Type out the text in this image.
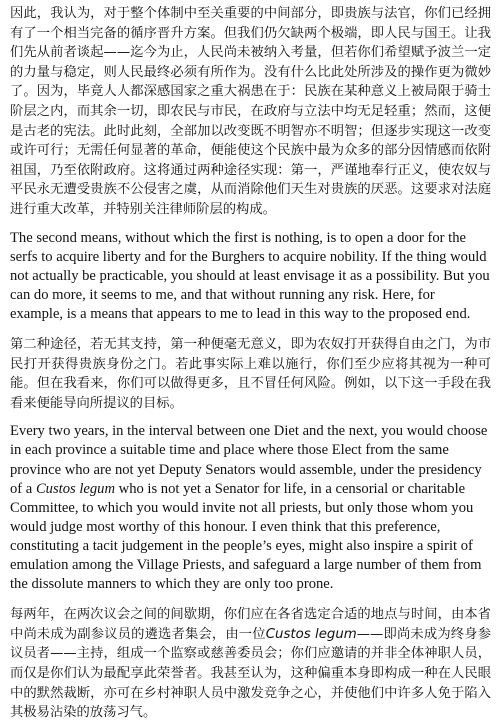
因此，我认为，对于整个体制中至关重要的中间部分，即贵族与法官，你们已经拥有了一个相当完备的循序晋升方案。但我们仍欠缺两个极端，即人民与国王。让我们先从前者谈起——迄今为止，人民尚未被纳入考量，但若你们希望赋予波兰一定的力量与稳定，则人民最终必须有所作为。没有什么比此处所涉及的操作更为微妙了。因为，毕竟人人都深感国家之重大祸患在于：民族在某种意义上被局限于骑士阶层之内，而其余一切，即农民与市民，在政府与立法中均无足轻重；然而，这便是古老的宪法。此时此刻，全部加以改变既不明智亦不明智；但逐步实现这一改变或许可行；无需任何显著的革命，便能使这个民族中最为众多的部分因情感而依附祖国，乃至依附政府。这将通过两种途径实现：第一，严谨地奉行正义，使农奴与平民永无遭受贵族不公侵害之虞，从而消除他们天生对贵族的厌恶。这要求对法庭进行重大改革，并特别关注律师阶层的构成。

The second means, without which the first is nothing, is to open a door for the serfs to acquire liberty and for the Burghers to acquire nobility. If the thing would not actually be practicable, you should at least envisage it as a possibility. But you can do more, it seems to me, and that without running any risk. Here, for example, is a means that appears to me to lead in this way to the proposed end.

第二种途径，若无其支持，第一种便毫无意义，即为农奴打开获得自由之门，为市民打开获得贵族身份之门。若此事实际上难以施行，你们至少应将其视为一种可能。但在我看来，你们可以做得更多，且不冒任何风险。例如，以下这一手段在我看来便能导向所提议的目标。

Every two years, in the interval between one Diet and the next, you would choose in each province a suitable time and place where those Elect from the same province who are not yet Deputy Senators would assemble, under the presidency of a Custos legum who is not yet a Senator for life, in a censorial or charitable Committee, to which you would invite not all priests, but only those whom you would judge most worthy of this honour. I even think that this preference, constituting a tacit judgement in the people’s eyes, might also inspire a spirit of emulation among the Village Priests, and safeguard a large number of them from the dissolute manners to which they are only too prone.

每两年，在两次议会之间的间歇期，你们应在各省选定合适的地点与时间，由本省中尚未成为副参议员的遴选者集会，由一位Custos legum——即尚未成为终身参议员者——主持，组成一个监察或慈善委员会；你们应邀请的并非全体神职人员，而仅是你们认为最配享此荣誉者。我甚至认为，这种偏重本身即构成一种在人民眼中的默然裁断，亦可在乡村神职人员中激发竞争之心，并使他们中许多人免于陷入其极易沾染的放荡习气。
